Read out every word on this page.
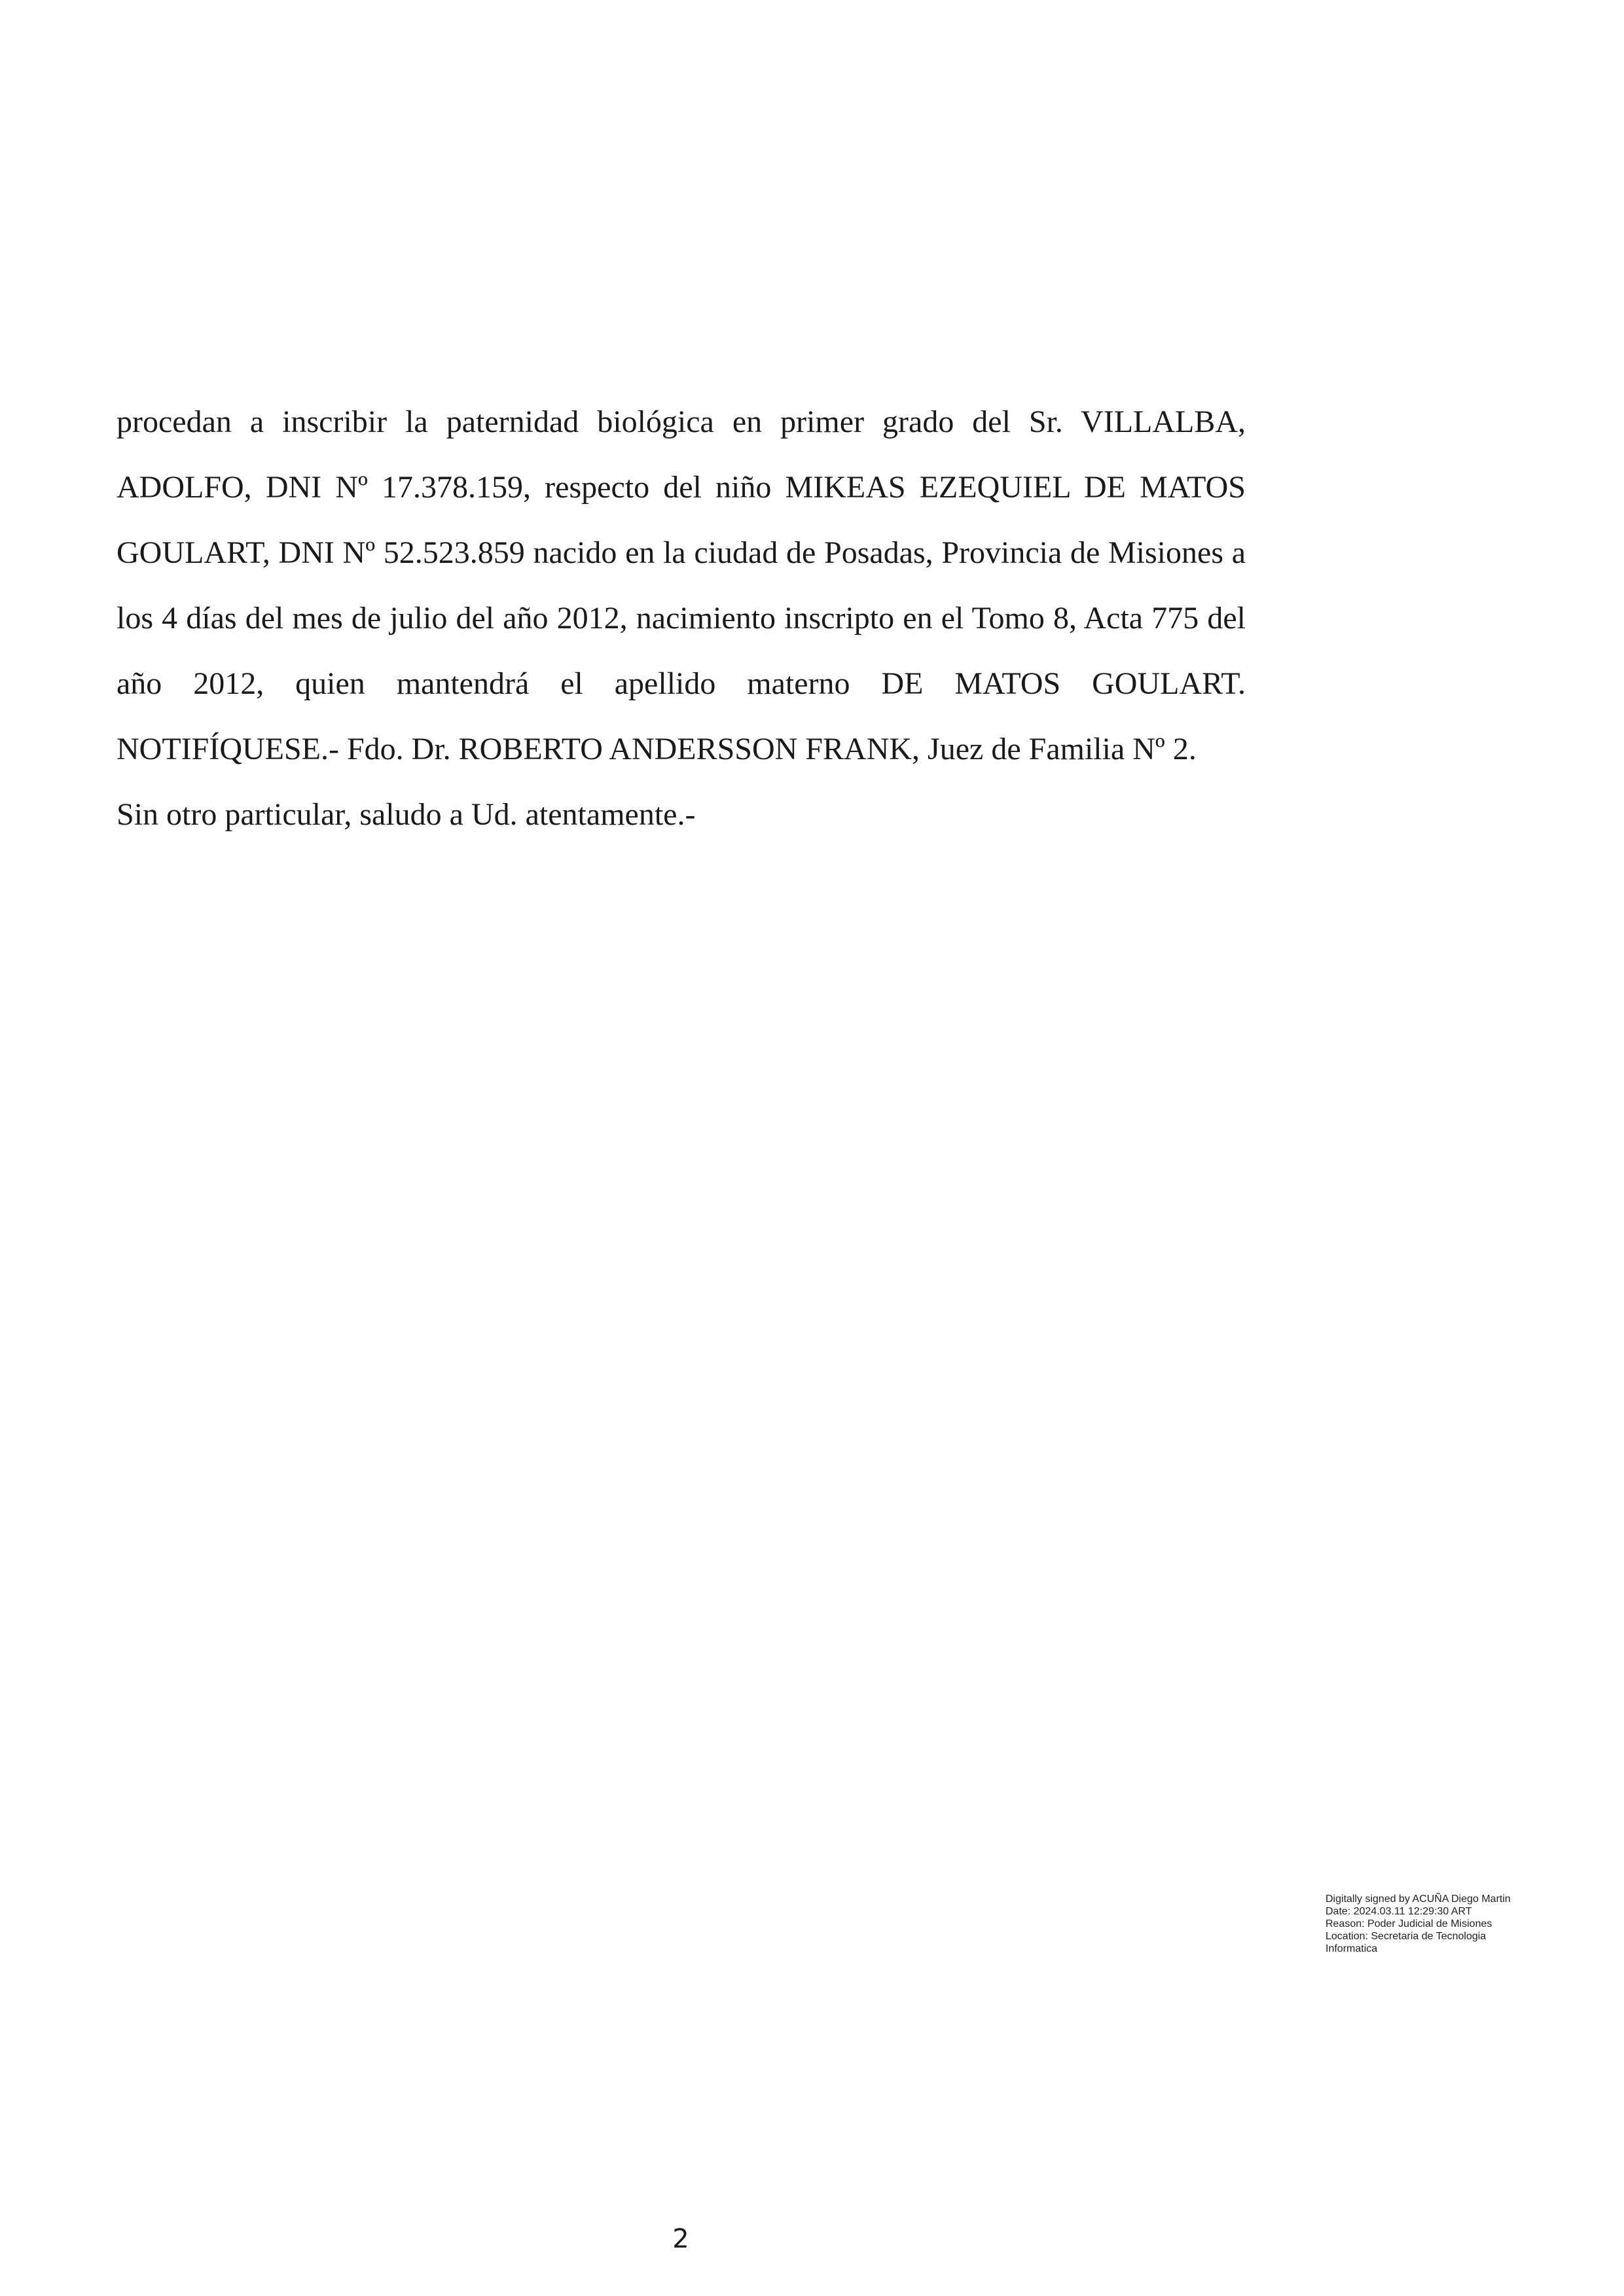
procedan a inscribir la paternidad biológica en primer grado del Sr. VILLALBA, ADOLFO, DNI Nº 17.378.159, respecto del niño MIKEAS EZEQUIEL DE MATOS GOULART, DNI Nº 52.523.859 nacido en la ciudad de Posadas, Provincia de Misiones a los 4 días del mes de julio del año 2012, nacimiento inscripto en el Tomo 8, Acta 775 del año 2012, quien mantendrá el apellido materno DE MATOS GOULART. NOTIFÍQUESE.- Fdo. Dr. ROBERTO ANDERSSON FRANK, Juez de Familia Nº 2.

Sin otro particular, saludo a Ud. atentamente.-

Digitally signed by ACUÑA Diego Martin
Date: 2024.03.11 12:29:30 ART
Reason: Poder Judicial de Misiones
Location: Secretaria de Tecnologia
Informatica
2
